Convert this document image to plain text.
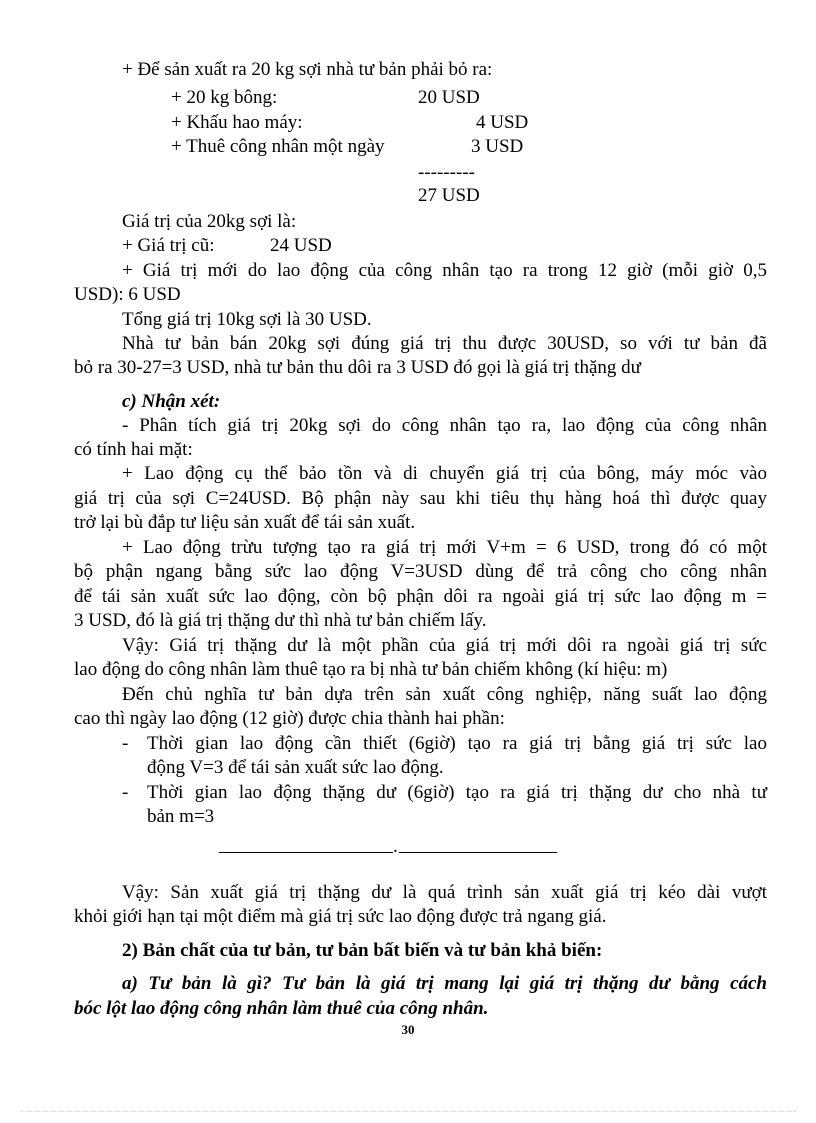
+ Để sản xuất ra 20 kg sợi nhà tư bản phải bỏ ra:
+ 20 kg bông:	20 USD
+ Khấu hao máy:	4 USD
+ Thuê công nhân một ngày	3 USD
---------
27 USD
Giá trị của 20kg sợi là:
+ Giá trị cũ:	24 USD
+ Giá trị mới do lao động của công nhân tạo ra trong 12 giờ (mỗi giờ 0,5
USD): 6 USD
Tổng giá trị 10kg sợi là 30 USD.
Nhà tư bản bán 20kg sợi đúng giá trị thu được 30USD, so với tư bản đã
bỏ ra 30-27=3 USD, nhà tư bản thu dôi ra 3 USD đó gọi là giá trị thặng dư
c) Nhận xét:
- Phân tích giá trị 20kg sợi do công nhân tạo ra, lao động của công nhân
có tính hai mặt:
+ Lao động cụ thể bảo tồn và di chuyển giá trị của bông, máy móc vào
giá trị của sợi C=24USD. Bộ phận này sau khi tiêu thụ hàng hoá thì được quay
trở lại bù đắp tư liệu sản xuất để tái sản xuất.
+ Lao động trừu tượng tạo ra giá trị mới V+m = 6 USD, trong đó có một
bộ phận ngang bằng sức lao động V=3USD dùng để trả công cho công nhân
để tái sản xuất sức lao động, còn bộ phận dôi ra ngoài giá trị sức lao động m =
3 USD, đó là giá trị thặng dư thì nhà tư bản chiếm lấy.
Vậy: Giá trị thặng dư là một phần của giá trị mới dôi ra ngoài giá trị sức
lao động do công nhân làm thuê tạo ra bị nhà tư bản chiếm không (kí hiệu: m)
Đến chủ nghĩa tư bản dựa trên sản xuất công nghiệp, năng suất lao động
cao thì ngày lao động (12 giờ) được chia thành hai phần:
- Thời gian lao động cần thiết (6giờ) tạo ra giá trị bằng giá trị sức lao
động V=3 để tái sản xuất sức lao động.
- Thời gian lao động thặng dư (6giờ) tạo ra giá trị thặng dư cho nhà tư
bản m=3
.
Vậy: Sản xuất giá trị thặng dư là quá trình sản xuất giá trị kéo dài vượt
khỏi giới hạn tại một điểm mà giá trị sức lao động được trả ngang giá.
2) Bản chất của tư bản, tư bản bất biến và tư bản khả biến:
a) Tư bản là gì? Tư bản là giá trị mang lại giá trị thặng dư bằng cách
bóc lột lao động công nhân làm thuê của công nhân.
30
